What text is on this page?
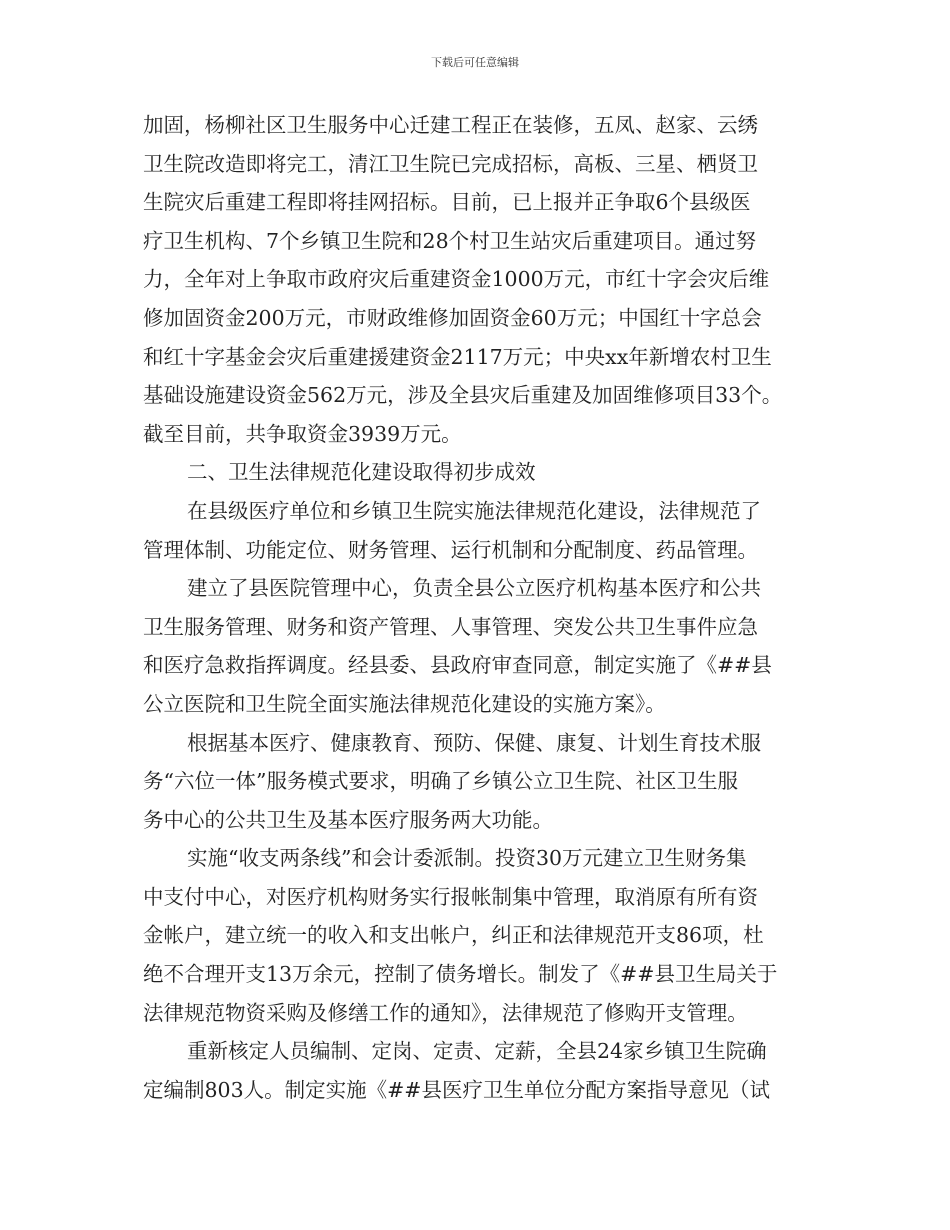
下载后可任意编辑
加固，杨柳社区卫生服务中心迁建工程正在装修，五凤、赵家、云绣
卫生院改造即将完工，清江卫生院已完成招标，高板、三星、栖贤卫
生院灾后重建工程即将挂网招标。目前，已上报并正争取6个县级医
疗卫生机构、7个乡镇卫生院和28个村卫生站灾后重建项目。通过努
力，全年对上争取市政府灾后重建资金1000万元，市红十字会灾后维
修加固资金200万元，市财政维修加固资金60万元；中国红十字总会
和红十字基金会灾后重建援建资金2117万元；中央xx年新增农村卫生
基础设施建设资金562万元，涉及全县灾后重建及加固维修项目33个。
截至目前，共争取资金3939万元。
二、卫生法律规范化建设取得初步成效
在县级医疗单位和乡镇卫生院实施法律规范化建设，法律规范了
管理体制、功能定位、财务管理、运行机制和分配制度、药品管理。
建立了县医院管理中心，负责全县公立医疗机构基本医疗和公共
卫生服务管理、财务和资产管理、人事管理、突发公共卫生事件应急
和医疗急救指挥调度。经县委、县政府审查同意，制定实施了《##县
公立医院和卫生院全面实施法律规范化建设的实施方案》。
根据基本医疗、健康教育、预防、保健、康复、计划生育技术服
务“六位一体”服务模式要求，明确了乡镇公立卫生院、社区卫生服
务中心的公共卫生及基本医疗服务两大功能。
实施“收支两条线”和会计委派制。投资30万元建立卫生财务集
中支付中心，对医疗机构财务实行报帐制集中管理，取消原有所有资
金帐户，建立统一的收入和支出帐户，纠正和法律规范开支86项，杜
绝不合理开支13万余元，控制了债务增长。制发了《##县卫生局关于
法律规范物资采购及修缮工作的通知》，法律规范了修购开支管理。
重新核定人员编制、定岗、定责、定薪，全县24家乡镇卫生院确
定编制803人。制定实施《##县医疗卫生单位分配方案指导意见（试
